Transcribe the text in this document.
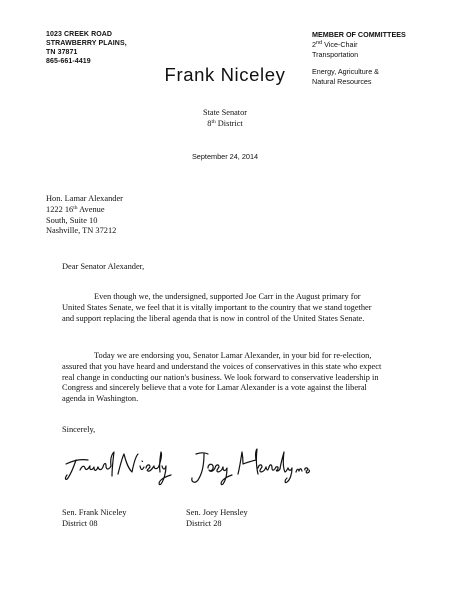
1023 CREEK ROAD
STRAWBERRY PLAINS,
TN 37871
865-661-4419
MEMBER OF COMMITTEES
2nd Vice-Chair
Transportation
Energy, Agriculture &
Natural Resources
Frank Niceley
State Senator
8th District
September 24, 2014
Hon. Lamar Alexander
1222 16th Avenue
South, Suite 10
Nashville, TN 37212
Dear Senator Alexander,
Even though we, the undersigned, supported Joe Carr in the August primary for United States Senate, we feel that it is vitally important to the country that we stand together and support replacing the liberal agenda that is now in control of the United States Senate.
Today we are endorsing you, Senator Lamar Alexander, in your bid for re-election, assured that you have heard and understand the voices of conservatives in this state who expect real change in conducting our nation's business. We look forward to conservative leadership in Congress and sincerely believe that a vote for Lamar Alexander is a vote against the liberal agenda in Washington.
Sincerely,
Sen. Frank Niceley
District 08
Sen. Joey Hensley
District 28
